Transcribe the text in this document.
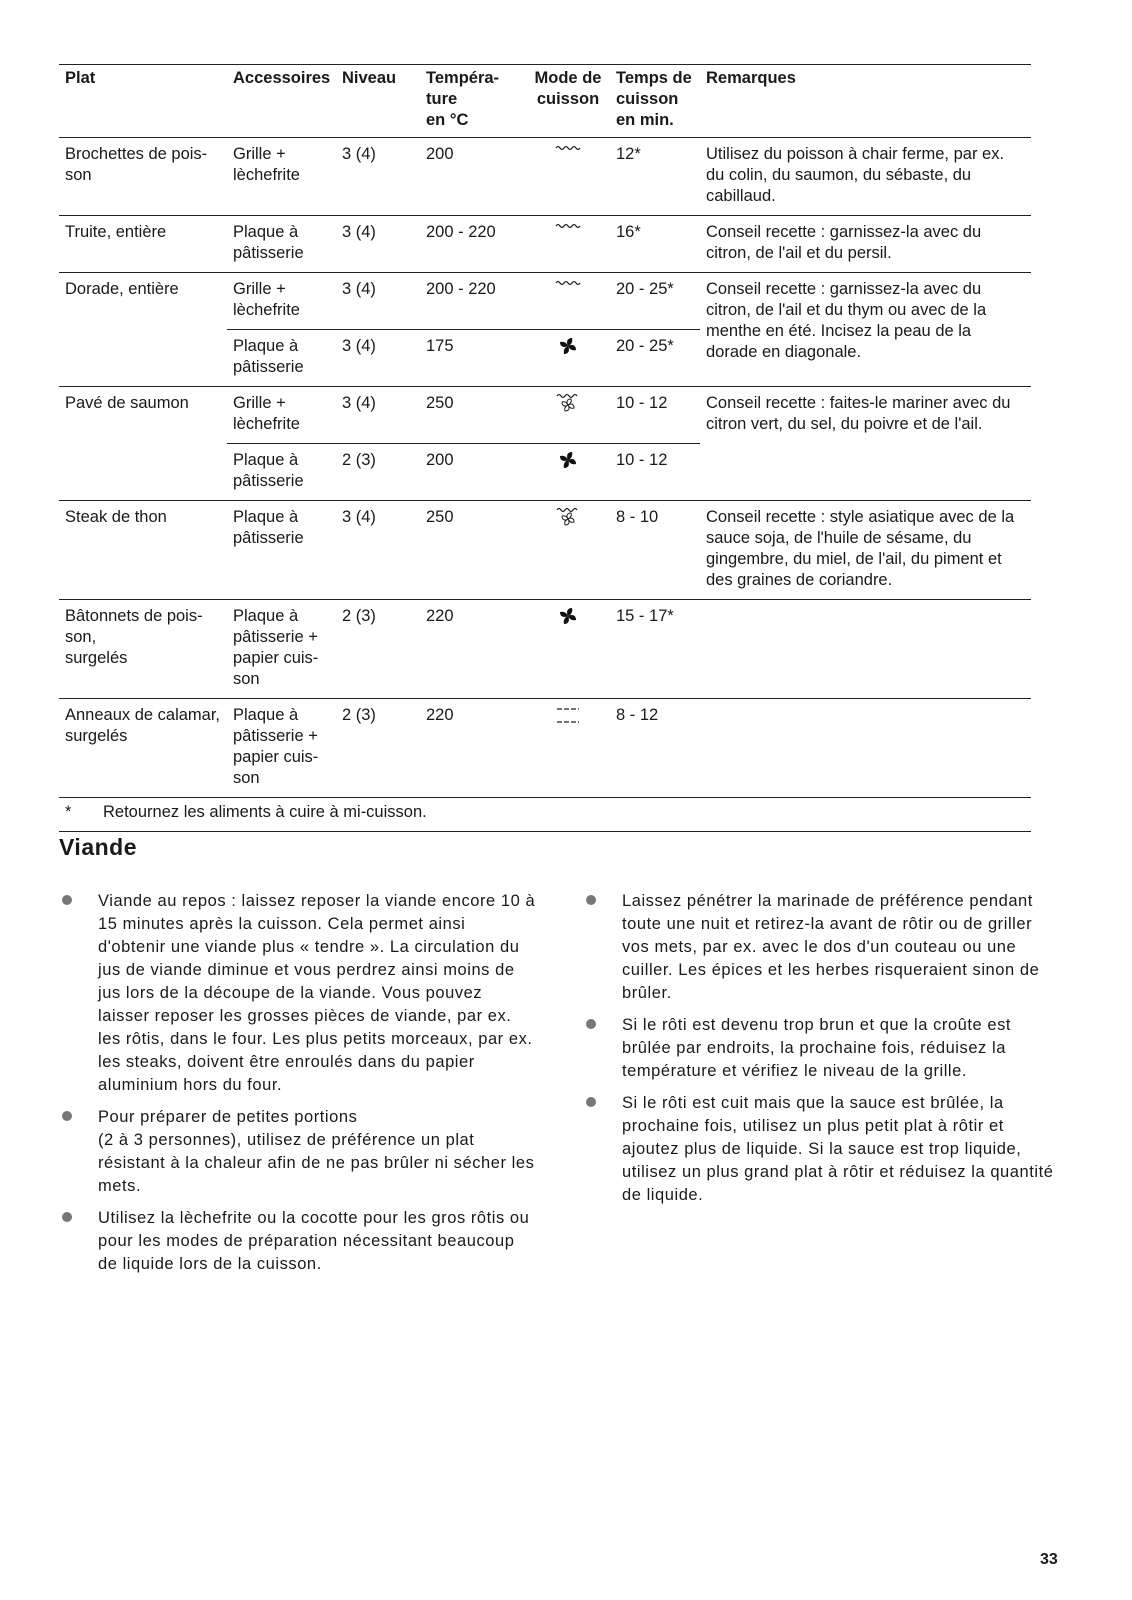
Plat	Accessoires	Niveau	Tempéra-
ture
en °C	Mode de
cuisson	Temps de
cuisson
en min.	Remarques
Brochettes de pois-
son	Grille +
lèchefrite	3 (4)	200		12*	Utilisez du poisson à chair ferme, par ex. du colin, du saumon, du sébaste, du cabillaud.
Truite, entière	Plaque à
pâtisserie	3 (4)	200 - 220		16*	Conseil recette : garnissez-la avec du citron, de l'ail et du persil.
Dorade, entière	Grille +
lèchefrite	3 (4)	200 - 220		20 - 25*	Conseil recette : garnissez-la avec du citron, de l'ail et du thym ou avec de la menthe en été. Incisez la peau de la dorade en diagonale.
	Plaque à
pâtisserie	3 (4)	175		20 - 25*	
Pavé de saumon	Grille +
lèchefrite	3 (4)	250		10 - 12	Conseil recette : faites-le mariner avec du citron vert, du sel, du poivre et de l'ail.
	Plaque à
pâtisserie	2 (3)	200		10 - 12	
Steak de thon	Plaque à
pâtisserie	3 (4)	250		8 - 10	Conseil recette : style asiatique avec de la sauce soja, de l'huile de sésame, du gingembre, du miel, de l'ail, du piment et des graines de coriandre.
Bâtonnets de pois-
son,
surgelés	Plaque à
pâtisserie +
papier cuis-
son	2 (3)	220		15 - 17*	
Anneaux de calamar,
surgelés	Plaque à
pâtisserie +
papier cuis-
son	2 (3)	220		8 - 12	
* Retournez les aliments à cuire à mi-cuisson.						
Viande
Viande au repos : laissez reposer la viande encore 10 à 15 minutes après la cuisson. Cela permet ainsi d'obtenir une viande plus « tendre ». La circulation du jus de viande diminue et vous perdrez ainsi moins de jus lors de la découpe de la viande. Vous pouvez laisser reposer les grosses pièces de viande, par ex. les rôtis, dans le four. Les plus petits morceaux, par ex. les steaks, doivent être enroulés dans du papier aluminium hors du four.
Pour préparer de petites portions
(2 à 3 personnes), utilisez de préférence un plat résistant à la chaleur afin de ne pas brûler ni sécher les mets.
Utilisez la lèchefrite ou la cocotte pour les gros rôtis ou pour les modes de préparation nécessitant beaucoup de liquide lors de la cuisson.
Laissez pénétrer la marinade de préférence pendant toute une nuit et retirez-la avant de rôtir ou de griller vos mets, par ex. avec le dos d'un couteau ou une cuiller. Les épices et les herbes risqueraient sinon de brûler.
Si le rôti est devenu trop brun et que la croûte est brûlée par endroits, la prochaine fois, réduisez la température et vérifiez le niveau de la grille.
Si le rôti est cuit mais que la sauce est brûlée, la prochaine fois, utilisez un plus petit plat à rôtir et ajoutez plus de liquide. Si la sauce est trop liquide, utilisez un plus grand plat à rôtir et réduisez la quantité de liquide.
33
